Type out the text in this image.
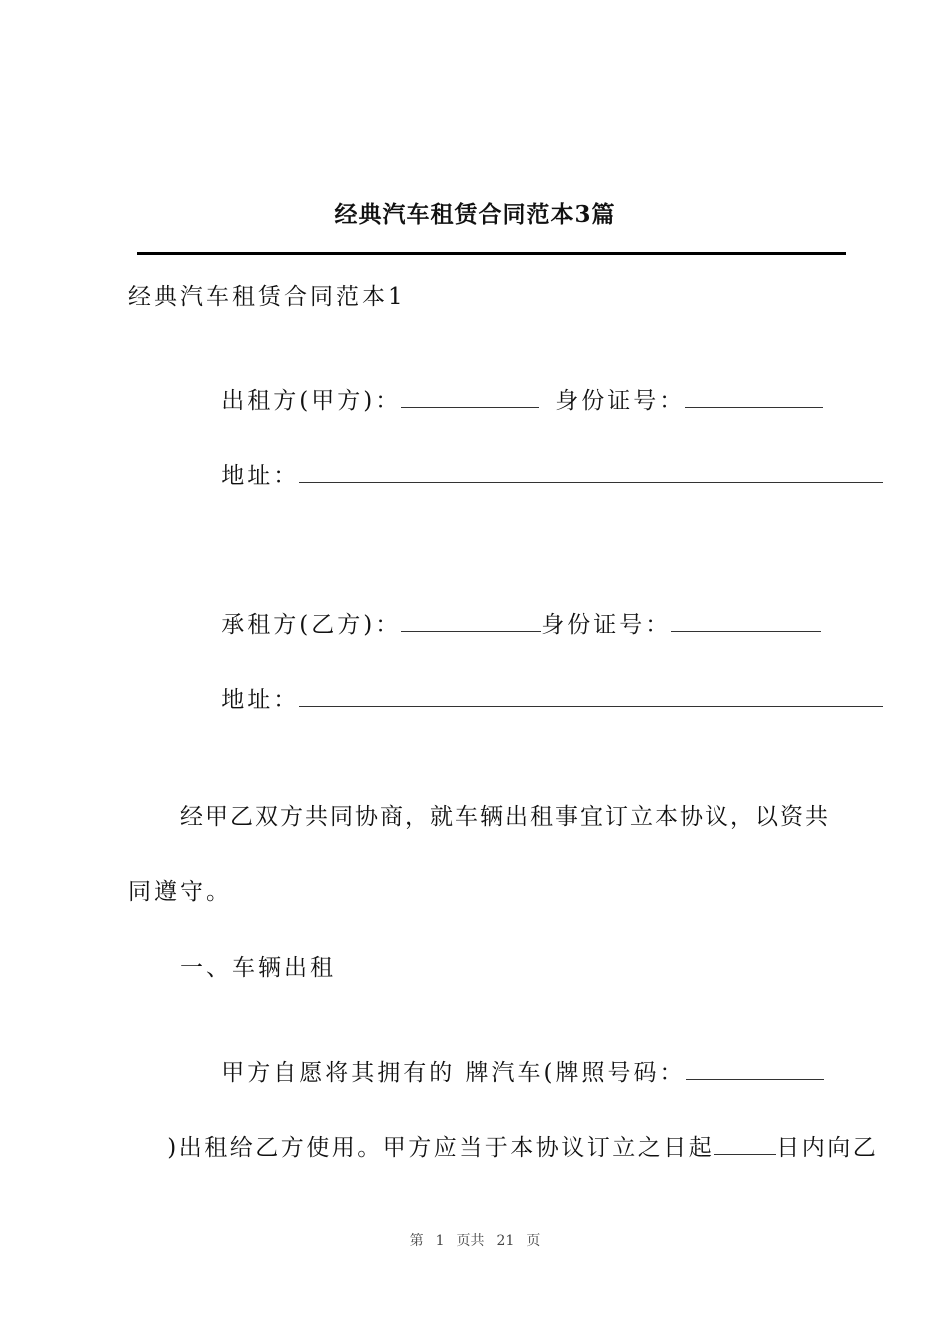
经典汽车租赁合同范本3篇
经典汽车租赁合同范本1

出租方(甲方)：	身份证号：

地址：

承租方(乙方)：	身份证号：

地址：

经甲乙双方共同协商，就车辆出租事宜订立本协议，以资共
同遵守。
一、车辆出租

甲方自愿将其拥有的 牌汽车(牌照号码：

)出租给乙方使用。甲方应当于本协议订立之日起	日内向乙

第 1 页共 21 页
